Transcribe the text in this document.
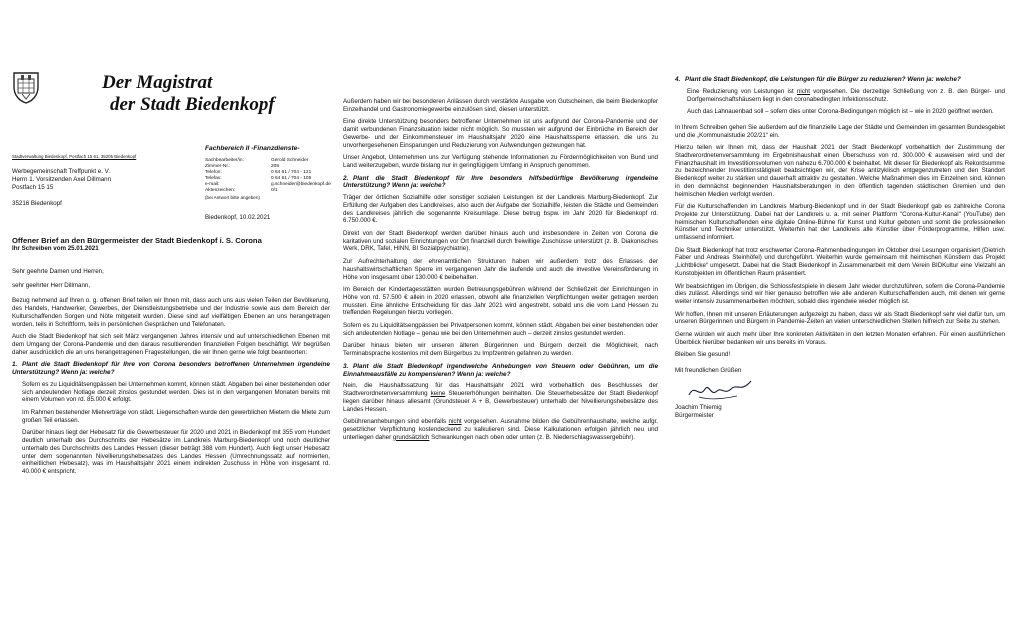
Der Magistrat
der Stadt Biedenkopf
Stadtverwaltung Biedenkopf, Postfach 15 61, 35205 Biedenkopf
Werbegemeinschaft Treffpunkt e. V.
Herrn 1. Vorsitzenden Axel Dillmann
Postfach 15 15
35216 Biedenkopf
Fachbereich II -Finanzdienste-
Sachbearbeiter/in:	Gerold Schneider
Zimmer-Nr.:	208
Telefon:	0 64 61 / 704 - 121
Telefax:	0 64 61 / 704 - 105
e-mail:	g.schneider@biedenkopf.de
Aktenzeichen:	0/1
(bei Antwort bitte angeben)
Biedenkopf, 10.02.2021
Offener Brief an den Bürgermeister der Stadt Biedenkopf i. S. Corona
Ihr Schreiben vom 25.01.2021

Sehr geehrte Damen und Herren,

sehr geehrter Herr Dillmann,

Bezug nehmend auf Ihren o. g. offenen Brief teilen wir Ihnen mit, dass auch uns aus vielen Teilen der Bevölkerung, des Handels, Handwerker, Gewerbes, der Dienstleistungsbetriebe und der Industrie sowie aus dem Bereich der Kulturschaffenden Sorgen und Nöte mitgeteilt wurden. Diese sind auf vielfältigen Ebenen an uns herangetragen worden, teils in Schriftform, teils in persönlichen Gesprächen und Telefonaten.

Auch die Stadt Biedenkopf hat sich seit März vergangenen Jahres intensiv und auf unterschiedlichen Ebenen mit dem Umgang der Corona-Pandemie und den daraus resultierenden finanziellen Folgen beschäftigt. Wir begrüßen daher ausdrücklich die an uns herangetragenen Fragestellungen, die wir Ihnen gerne wie folgt beantworten:

1. Plant die Stadt Biedenkopf für Ihre von Corona besonders betroffenen Unternehmen irgendeine Unterstützung? Wenn ja: welche?

Sofern es zu Liquiditätsengpässen bei Unternehmen kommt, können städt. Abgaben bei einer bestehenden oder sich andeutenden Notlage derzeit zinslos gestundet werden. Dies ist in den vergangenen Monaten bereits mit einem Volumen von rd. 85.000 € erfolgt.

Im Rahmen bestehender Mietverträge von städt. Liegenschaften wurde den gewerblichen Mietern die Miete zum großen Teil erlassen.

Darüber hinaus liegt der Hebesatz für die Gewerbesteuer für 2020 und 2021 in Biedenkopf mit 355 vom Hundert deutlich unterhalb des Durchschnitts der Hebesätze im Landkreis Marburg-Biedenkopf und noch deutlicher unterhalb des Durchschnitts des Landes Hessen (dieser beträgt 388 vom Hundert). Auch liegt unser Hebesatz unter dem sogenannten Nivellierungshebesatzes des Landes Hessen (Umrechnungssatz auf normierten, einheitlichen Hebesatz), was im Haushaltsjahr 2021 einem indirekten Zuschuss in Höhe von insgesamt rd. 40.000 € entspricht.

Außerdem haben wir bei besonderen Anlässen durch verstärkte Ausgabe von Gutscheinen, die beim Biedenkopfer Einzelhandel und Gastronomiegewerbe einzulösen sind, diesen unterstützt.

Eine direkte Unterstützung besonders betroffener Unternehmen ist uns aufgrund der Corona-Pandemie und der damit verbundenen Finanzsituation leider nicht möglich. So mussten wir aufgrund der Einbrüche im Bereich der Gewerbe- und der Einkommensteuer im Haushaltsjahr 2020 eine Haushaltssperre erlassen, die uns zu unvorhergesehenen Einsparungen und Reduzierung von Aufwendungen gezwungen hat.

Unser Angebot, Unternehmen uns zur Verfügung stehende Informationen zu Fördermöglichkeiten von Bund und Land weiterzugeben, wurde bislang nur in geringfügigem Umfang in Anspruch genommen.

2. Plant die Stadt Biedenkopf für Ihre besonders hilfsbedürftige Bevölkerung irgendeine Unterstützung? Wenn ja: welche?

Träger der örtlichen Sozialhilfe oder sonstiger sozialen Leistungen ist der Landkreis Marburg-Biedenkopf. Zur Erfüllung der Aufgaben des Landkreises, also auch der Aufgabe der Sozialhilfe, leisten die Städte und Gemeinden des Landkreises jährlich die sogenannte Kreisumlage. Diese betrug bspw. im Jahr 2020 für Biedenkopf rd. 6.750.000 €.

Direkt von der Stadt Biedenkopf werden darüber hinaus auch und insbesondere in Zeiten von Corona die karitativen und sozialen Einrichtungen vor Ort finanziell durch freiwillige Zuschüsse unterstützt (z. B. Diakonisches Werk, DRK, Tafel, HINN, BI Sozialpsychiatrie).

Zur Aufrechterhaltung der ehrenamtlichen Strukturen haben wir außerdem trotz des Erlasses der haushaltswirtschaftlichen Sperre im vergangenen Jahr die laufende und auch die investive Vereinsförderung in Höhe von insgesamt über 130.000 € beibehalten.

Im Bereich der Kindertagesstätten wurden Betreuungsgebühren während der Schließzeit der Einrichtungen in Höhe von rd. 57.500 € allein in 2020 erlassen, obwohl alle finanziellen Verpflichtungen weiter getragen werden mussten. Eine ähnliche Entscheidung für das Jahr 2021 wird angestrebt, sobald uns die vom Land Hessen zu treffenden Regelungen hierzu vorliegen.

Sofern es zu Liquiditätsengpässen bei Privatpersonen kommt, können städt. Abgaben bei einer bestehenden oder sich andeutenden Notlage – genau wie bei den Unternehmen auch – derzeit zinslos gestundet werden.

Darüber hinaus bieten wir unseren älteren Bürgerinnen und Bürgern derzeit die Möglichkeit, nach Terminabsprache kostenlos mit dem Bürgerbus zu Impfzentren gefahren zu werden.

3. Plant die Stadt Biedenkopf irgendwelche Anhebungen von Steuern oder Gebühren, um die Einnahmeausfälle zu kompensieren? Wenn ja: welche?

Nein, die Haushaltssatzung für das Haushaltsjahr 2021 wird vorbehaltlich des Beschlusses der Stadtverordnetenversammlung keine Steuererhöhungen beinhalten. Die Steuerhebesätze der Stadt Biedenkopf liegen darüber hinaus allesamt (Grundsteuer A + B, Gewerbesteuer) unterhalb der Nivellierungshebesätze des Landes Hessen.

Gebührenanhebungen sind ebenfalls nicht vorgesehen. Ausnahme bilden die Gebührenhaushalte, welche aufgr. gesetzlicher Verpflichtung kostendeckend zu kalkulieren sind. Diese Kalkulationen erfolgen jährlich neu und unterliegen daher grundsätzlich Schwankungen nach oben oder unten (z. B. Niederschlagswassergebühr).

4. Plant die Stadt Biedenkopf, die Leistungen für die Bürger zu reduzieren? Wenn ja: welche?

Eine Reduzierung von Leistungen ist nicht vorgesehen. Die derzeitige Schließung von z. B. den Bürger- und Dorfgemeinschaftshäusern liegt in den coronabedingten Infektionsschutz.

Auch das Lahnauenbad soll – sofern dies unter Corona-Bedingungen möglich ist – wie in 2020 geöffnet werden.

In Ihrem Schreiben gehen Sie außerdem auf die finanzielle Lage der Städte und Gemeinden im gesamten Bundesgebiet und die „Kommunalstudie 202/21“ ein.

Hierzu teilen wir Ihnen mit, dass der Haushalt 2021 der Stadt Biedenkopf vorbehaltlich der Zustimmung der Stadtverordnetenversammlung im Ergebnishaushalt einen Überschuss von rd. 300.000 € ausweisen wird und der Finanzhaushalt im Investitionsvolumen von nahezu 6.700.000 € beinhaltet. Mit dieser für Biedenkopf als Rekordsumme zu bezeichnender Investitionstätigkeit beabsichtigen wir, der Krise antizyklisch entgegenzutreten und den Standort Biedenkopf weiter zu stärken und dauerhaft attraktiv zu gestalten. Welche Maßnahmen dies im Einzelnen sind, können in den demnächst beginnenden Haushaltsberatungen in den öffentlich tagenden städtischen Gremien und den heimischen Medien verfolgt werden.

Für die Kulturschaffenden im Landkreis Marburg-Biedenkopf und in der Stadt Biedenkopf gab es zahlreiche Corona Projekte zur Unterstützung. Dabei hat der Landkreis u. a. mit seiner Plattform "Corona-Kultur-Kanal" (YouTube) den heimischen Kulturschaffenden eine digitale Online-Bühne für Kunst und Kultur geboten und somit die professionellen Künstler und Techniker unterstützt. Weiterhin hat der Landkreis alle Künstler über Förderprogramme, Hilfen usw. umfassend informiert.

Die Stadt Biedenkopf hat trotz erschwerter Corona-Rahmenbedingungen im Oktober drei Lesungen organisiert (Dietrich Faber und Andreas Steinhöfel) und durchgeführt. Weiterhin wurde gemeinsam mit heimischen Künstlern das Projekt „Lichtblicke“ umgesetzt. Dabei hat die Stadt Biedenkopf in Zusammenarbeit mit dem Verein BIDKultur eine Vielzahl an Kunstobjekten im öffentlichen Raum präsentiert.

Wir beabsichtigen im Übrigen, die Schlossfestspiele in diesem Jahr wieder durchzuführen, sofern die Corona-Pandemie dies zulässt. Allerdings sind wir hier genauso betroffen wie alle anderen Kulturschaffenden auch, mit denen wir gerne weiter intensiv zusammenarbeiten möchten, sobald dies irgendwie wieder möglich ist.

Wir hoffen, Ihnen mit unseren Erläuterungen aufgezeigt zu haben, dass wir als Stadt Biedenkopf sehr viel dafür tun, um unseren Bürgerinnen und Bürgern in Pandemie-Zeiten an vielen unterschiedlichen Stellen hilfreich zur Seite zu stehen.

Gerne würden wir auch mehr über Ihre konkreten Aktivitäten in den letzten Monaten erfahren. Für einen ausführlichen Überblick hierüber bedanken wir uns bereits im Voraus.

Bleiben Sie gesund!

Mit freundlichen Grüßen

Joachim Thiemig

Bürgermeister
